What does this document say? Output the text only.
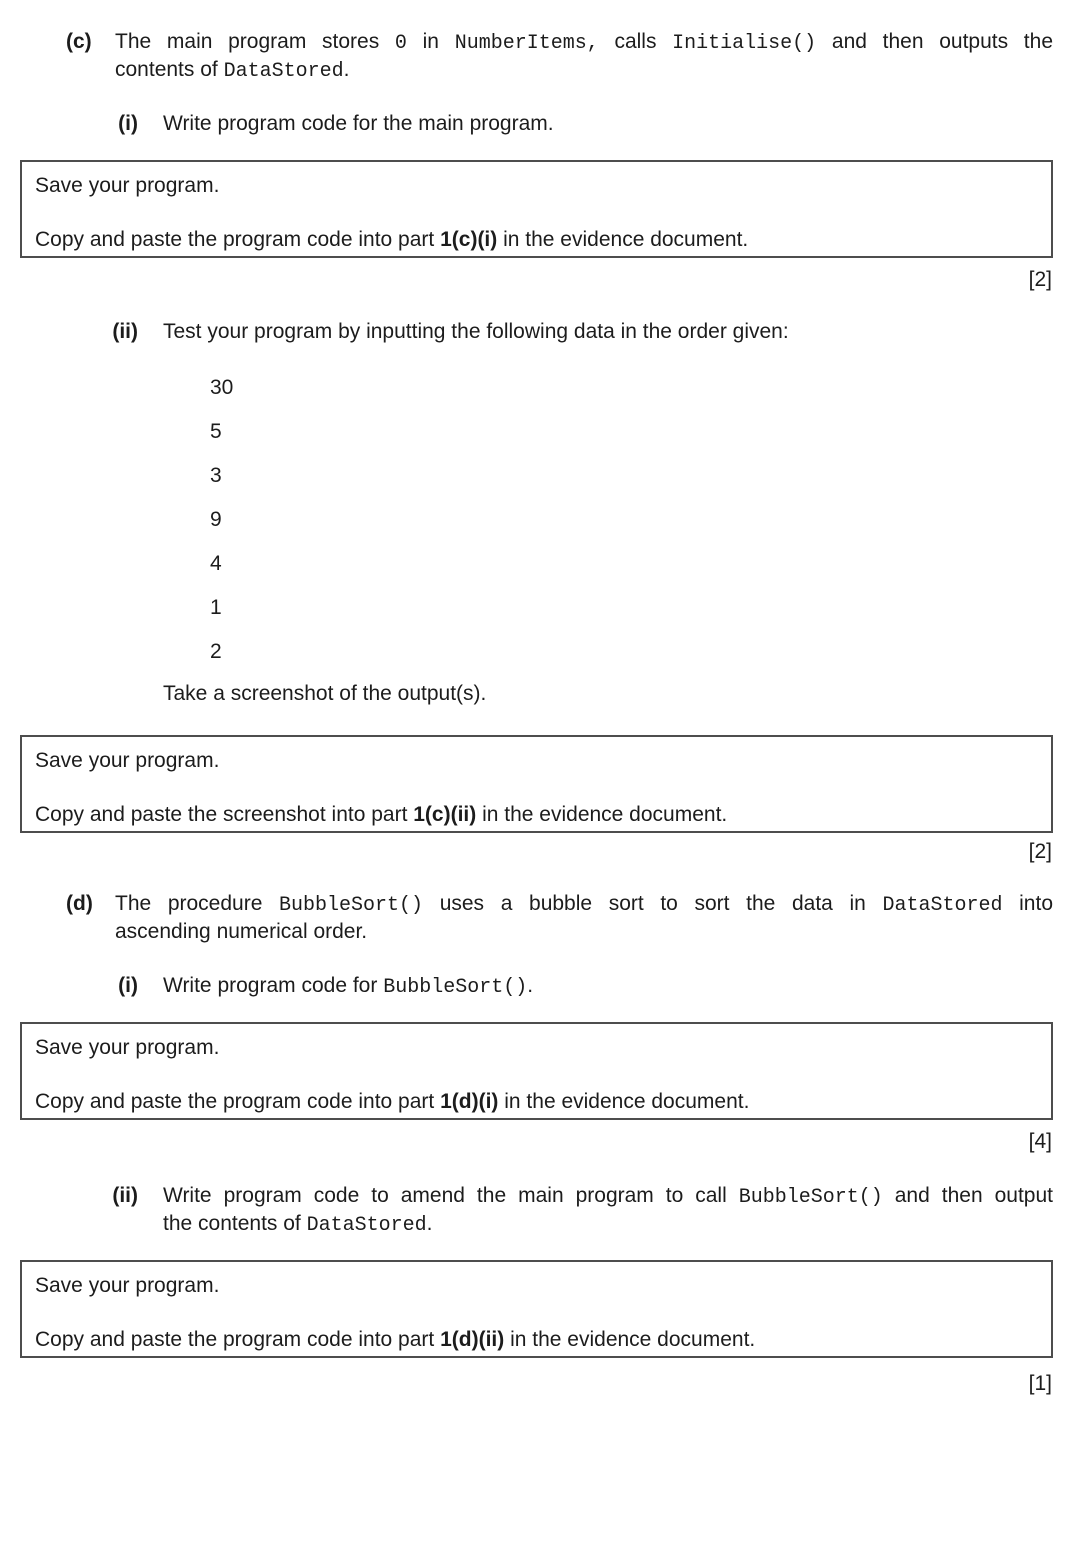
(c) The main program stores 0 in NumberItems, calls Initialise() and then outputs the
contents of DataStored.
(i) Write program code for the main program.
Save your program.
Copy and paste the program code into part 1(c)(i) in the evidence document.
[2]
(ii) Test your program by inputting the following data in the order given:
30
5
3
9
4
1
2
Take a screenshot of the output(s).
Save your program.
Copy and paste the screenshot into part 1(c)(ii) in the evidence document.
[2]
(d) The procedure BubbleSort() uses a bubble sort to sort the data in DataStored into
ascending numerical order.
(i) Write program code for BubbleSort().
Save your program.
Copy and paste the program code into part 1(d)(i) in the evidence document.
[4]
(ii) Write program code to amend the main program to call BubbleSort() and then output
the contents of DataStored.
Save your program.
Copy and paste the program code into part 1(d)(ii) in the evidence document.
[1]
